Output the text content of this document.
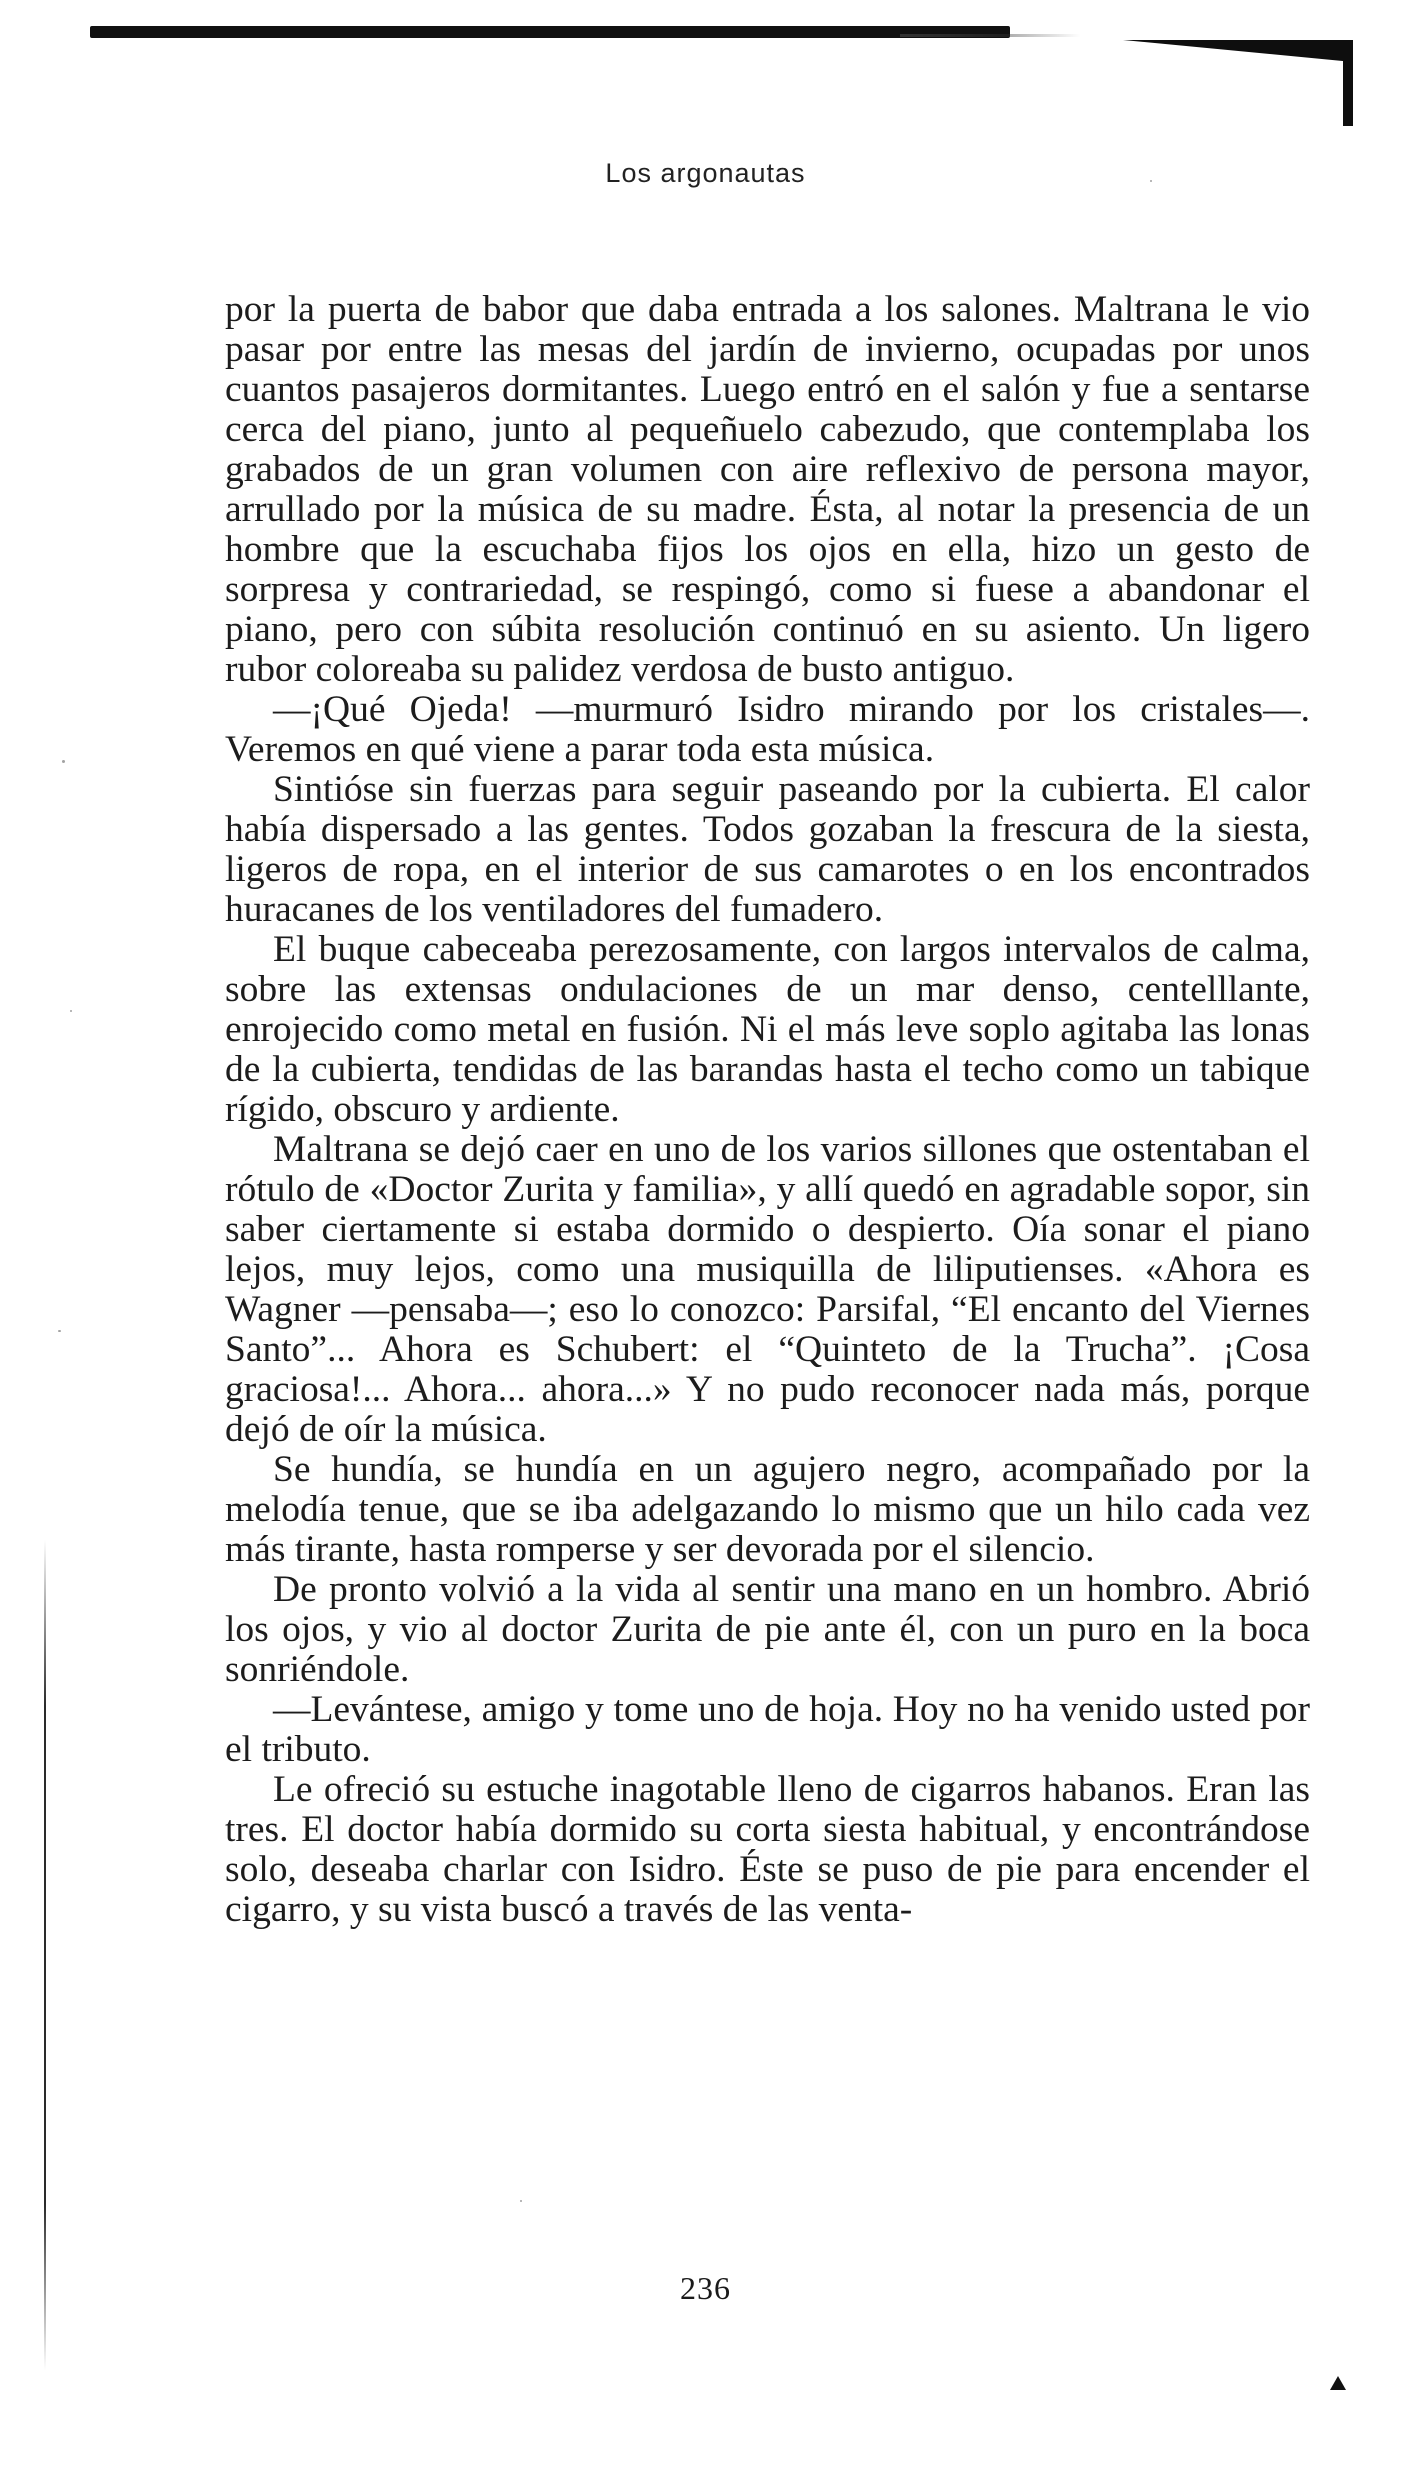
Los argonautas

por la puerta de babor que daba entrada a los salones. Maltrana le vio pasar por entre las mesas del jardín de invierno, ocupadas por unos cuantos pasajeros dormitantes. Luego entró en el salón y fue a sentarse cerca del piano, junto al pequeñuelo cabezudo, que contemplaba los grabados de un gran volumen con aire reflexivo de persona mayor, arrullado por la música de su madre. Ésta, al notar la presencia de un hombre que la escuchaba fijos los ojos en ella, hizo un gesto de sorpresa y contrariedad, se respingó, como si fuese a abandonar el piano, pero con súbita resolución continuó en su asiento. Un ligero rubor coloreaba su palidez verdosa de busto antiguo.

—¡Qué Ojeda! —murmuró Isidro mirando por los cristales—. Veremos en qué viene a parar toda esta música.

Sintióse sin fuerzas para seguir paseando por la cubierta. El calor había dispersado a las gentes. Todos gozaban la frescura de la siesta, ligeros de ropa, en el interior de sus camarotes o en los encontrados huracanes de los ventiladores del fumadero.

El buque cabeceaba perezosamente, con largos intervalos de calma, sobre las extensas ondulaciones de un mar denso, centelllante, enrojecido como metal en fusión. Ni el más leve soplo agitaba las lonas de la cubierta, tendidas de las barandas hasta el techo como un tabique rígido, obscuro y ardiente.

Maltrana se dejó caer en uno de los varios sillones que ostentaban el rótulo de «Doctor Zurita y familia», y allí quedó en agradable sopor, sin saber ciertamente si estaba dormido o despierto. Oía sonar el piano lejos, muy lejos, como una musiquilla de liliputienses. «Ahora es Wagner —pensaba—; eso lo conozco: Parsifal, “El encanto del Viernes Santo”... Ahora es Schubert: el “Quinteto de la Trucha”. ¡Cosa graciosa!... Ahora... ahora...» Y no pudo reconocer nada más, porque dejó de oír la música.

Se hundía, se hundía en un agujero negro, acompañado por la melodía tenue, que se iba adelgazando lo mismo que un hilo cada vez más tirante, hasta romperse y ser devorada por el silencio.

De pronto volvió a la vida al sentir una mano en un hombro. Abrió los ojos, y vio al doctor Zurita de pie ante él, con un puro en la boca sonriéndole.

—Levántese, amigo y tome uno de hoja. Hoy no ha venido usted por el tributo.

Le ofreció su estuche inagotable lleno de cigarros habanos. Eran las tres. El doctor había dormido su corta siesta habitual, y encontrándose solo, deseaba charlar con Isidro. Éste se puso de pie para encender el cigarro, y su vista buscó a través de las venta-

236
